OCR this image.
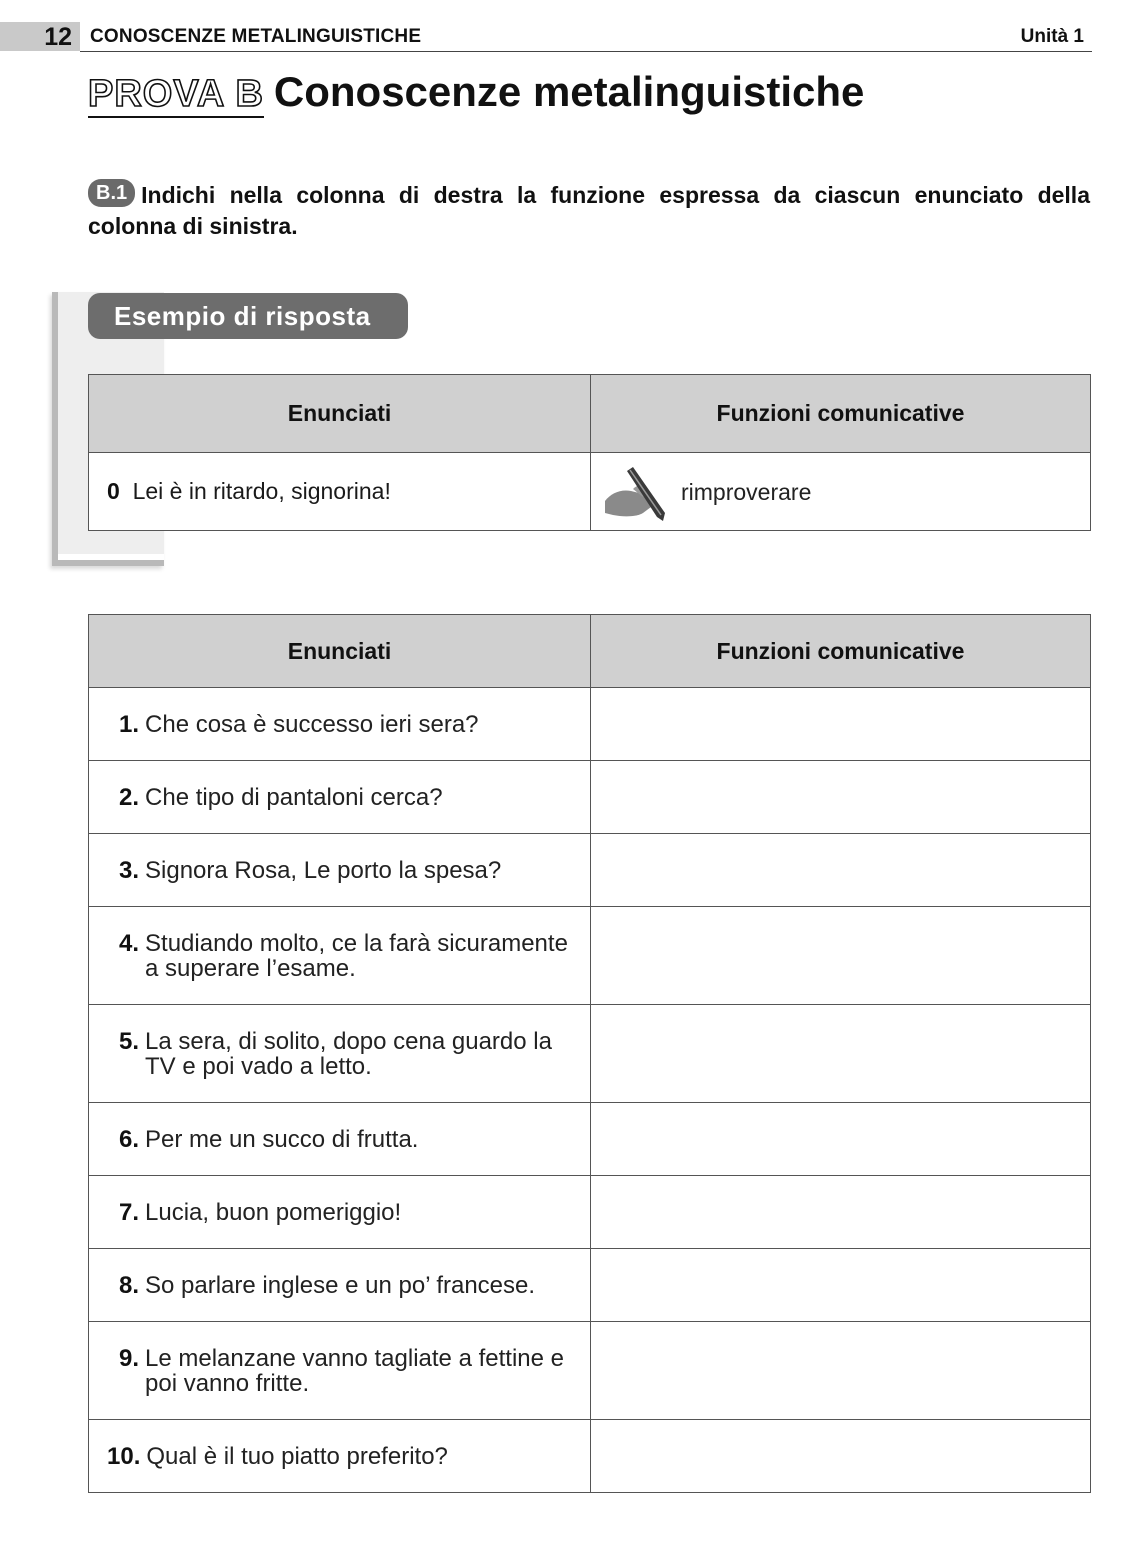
12 CONOSCENZE METALINGUISTICHE	Unità 1
PROVA B Conoscenze metalinguistiche
B.1 Indichi nella colonna di destra la funzione espressa da ciascun enunciato della colonna di sinistra.
Esempio di risposta
Enunciati	Funzioni comunicative
0 Lei è in ritardo, signorina!	rimproverare
Enunciati	Funzioni comunicative

1. Che cosa è successo ieri sera?	

2. Che tipo di pantaloni cerca?	

3. Signora Rosa, Le porto la spesa?	

4. Studiando molto, ce la farà sicuramente a superare l’esame.	

5. La sera, di solito, dopo cena guardo la TV e poi vado a letto.	

6. Per me un succo di frutta.	

7. Lucia, buon pomeriggio!	

8. So parlare inglese e un po’ francese.	

9. Le melanzane vanno tagliate a fettine e poi vanno fritte.	

10. Qual è il tuo piatto preferito?	
